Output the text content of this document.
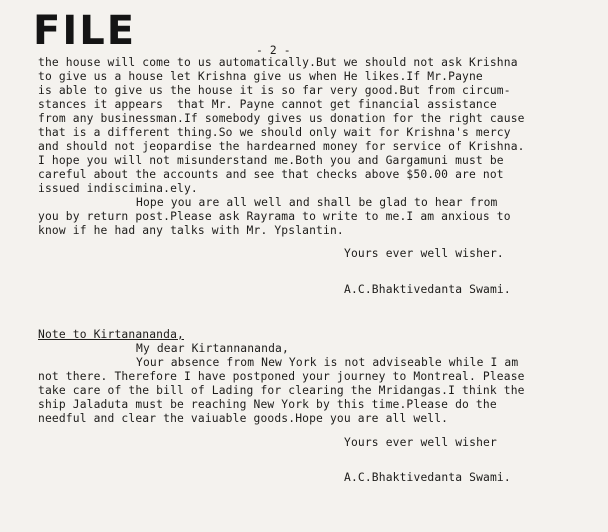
ﾠ
FILE	- 2 -
the house will come to us automatically.But we should not ask Krishna
to give us a house let Krishna give us when He likes.If Mr.Payne
is able to give us the house it is so far very good.But from circum-
stances it appears  that Mr. Payne cannot get financial assistance
from any businessman.If somebody gives us donation for the right cause
that is a different thing.So we should only wait for Krishna's mercy
and should not jeopardise the hardearned money for service of Krishna.
I hope you will not misunderstand me.Both you and Gargamuni must be
careful about the accounts and see that checks above $50.00 are not
issued indiscimina.ely.
Hope you are all well and shall be glad to hear from
you by return post.Please ask Rayrama to write to me.I am anxious to
know if he had any talks with Mr. Ypslantin.
Yours ever well wisher.
A.C.Bhaktivedanta Swami.
Note to Kirtanananda,
My dear Kirtannananda,
Your absence from New York is not adviseable while I am
not there. Therefore I have postponed your journey to Montreal. Please
take care of the bill of Lading for clearing the Mridangas.I think the
ship Jaladuta must be reaching New York by this time.Please do the
needful and clear the vaiuable goods.Hope you are all well.
Yours ever well wisher
A.C.Bhaktivedanta Swami.
